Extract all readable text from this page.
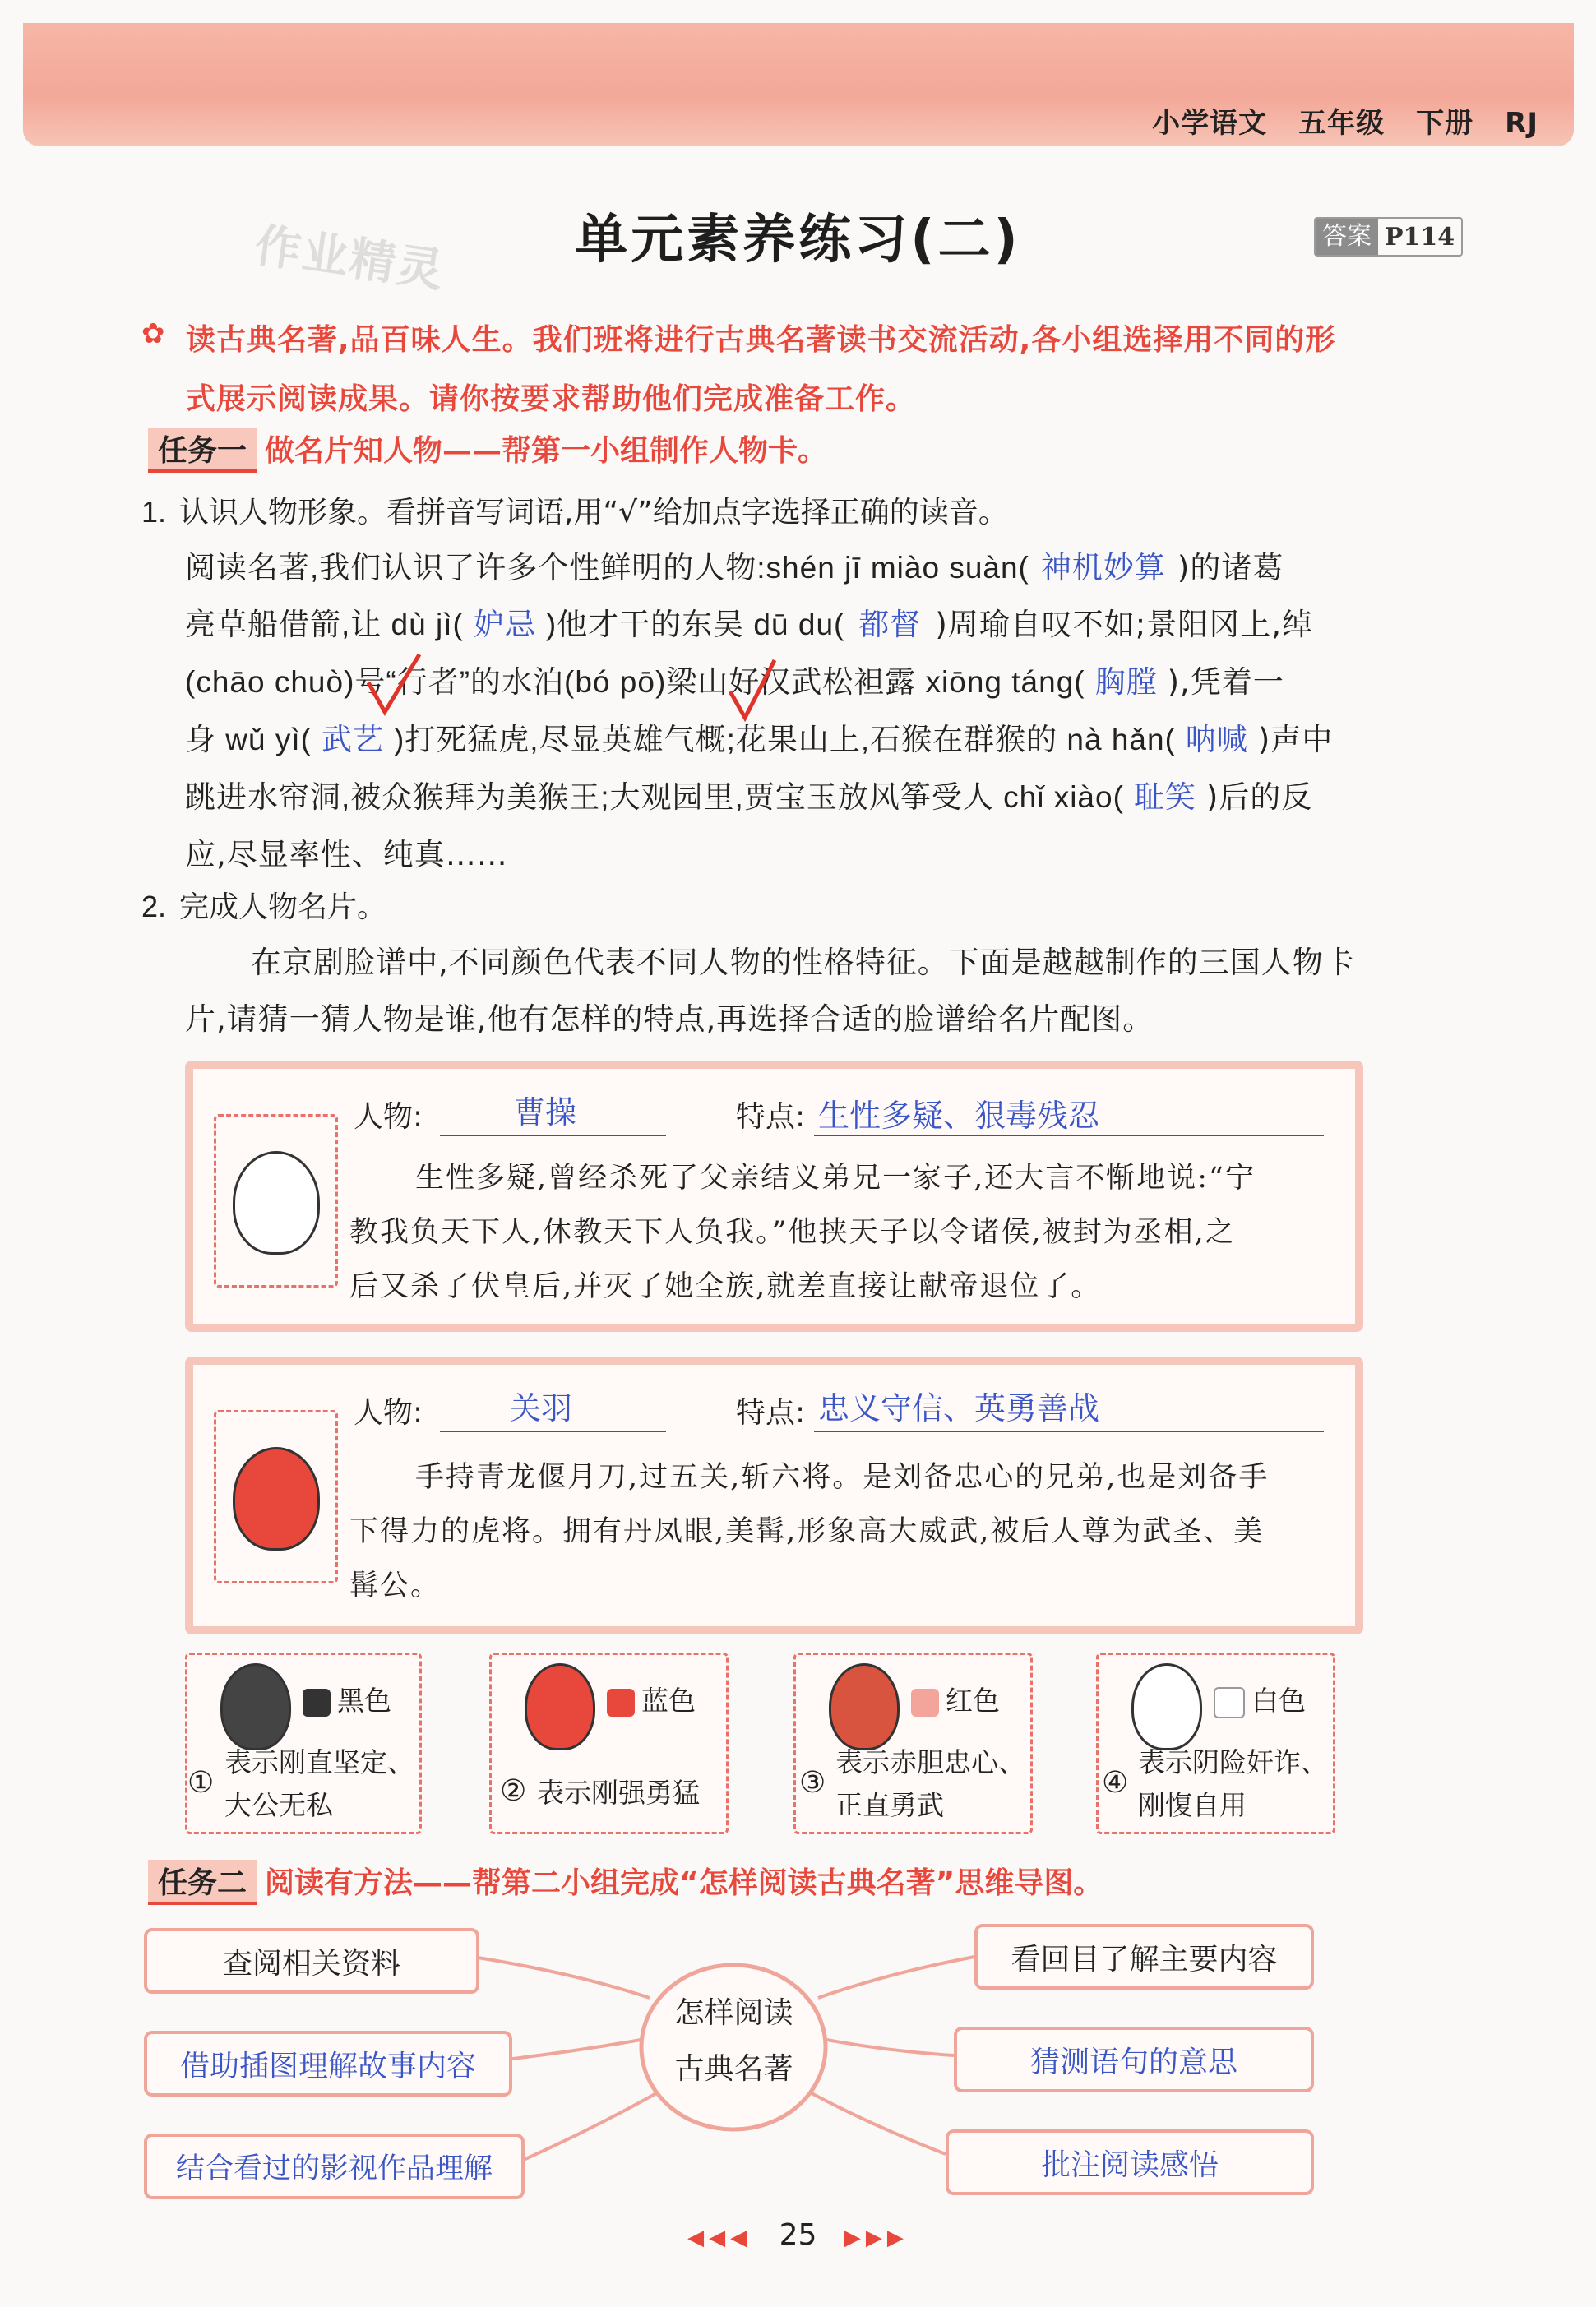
小学语文 五年级 下册 RJ
作业精灵	单元素养练习(二)	答案 P114
✿ 读古典名著,品百味人生。我们班将进行古典名著读书交流活动,各小组选择用不同的形
式展示阅读成果。请你按要求帮助他们完成准备工作。
任务一 做名片知人物——帮第一小组制作人物卡。
1. 认识人物形象。看拼音写词语,用“√”给加点字选择正确的读音。
阅读名著,我们认识了许多个性鲜明的人物:shén jī miào suàn( 神机妙算 )的诸葛
亮草船借箭,让 dù jì( 妒忌 )他才干的东吴 dū du( 都督 )周瑜自叹不如;景阳冈上,绰
(chāo chuò)号“行者”的水泊(bó pō)梁山好汉武松袒露 xiōng táng( 胸膛 ),凭着一
身 wǔ yì( 武艺 )打死猛虎,尽显英雄气概;花果山上,石猴在群猴的 nà hǎn( 呐喊 )声中
跳进水帘洞,被众猴拜为美猴王;大观园里,贾宝玉放风筝受人 chǐ xiào( 耻笑 )后的反
应,尽显率性、纯真……
2. 完成人物名片。
在京剧脸谱中,不同颜色代表不同人物的性格特征。下面是越越制作的三国人物卡
片,请猜一猜人物是谁,他有怎样的特点,再选择合适的脸谱给名片配图。
人物:	曹操	特点: 生性多疑、狠毒残忍
生性多疑,曾经杀死了父亲结义弟兄一家子,还大言不惭地说:“宁
教我负天下人,休教天下人负我。”他挟天子以令诸侯,被封为丞相,之
后又杀了伏皇后,并灭了她全族,就差直接让献帝退位了。
人物:	关羽	特点: 忠义守信、英勇善战
手持青龙偃月刀,过五关,斩六将。是刘备忠心的兄弟,也是刘备手
下得力的虎将。拥有丹凤眼,美髯,形象高大威武,被后人尊为武圣、美
髯公。
黑色
①
表示刚直坚定、
大公无私
蓝色
② 表示刚强勇猛
红色
③
表示赤胆忠心、
正直勇武
白色
④
表示阴险奸诈、
刚愎自用
任务二 阅读有方法——帮第二小组完成“怎样阅读古典名著”思维导图。
怎样阅读
古典名著
查阅相关资料
借助插图理解故事内容
结合看过的影视作品理解
看回目了解主要内容
猜测语句的意思
批注阅读感悟
◀◀◀ 25 ▶▶▶
